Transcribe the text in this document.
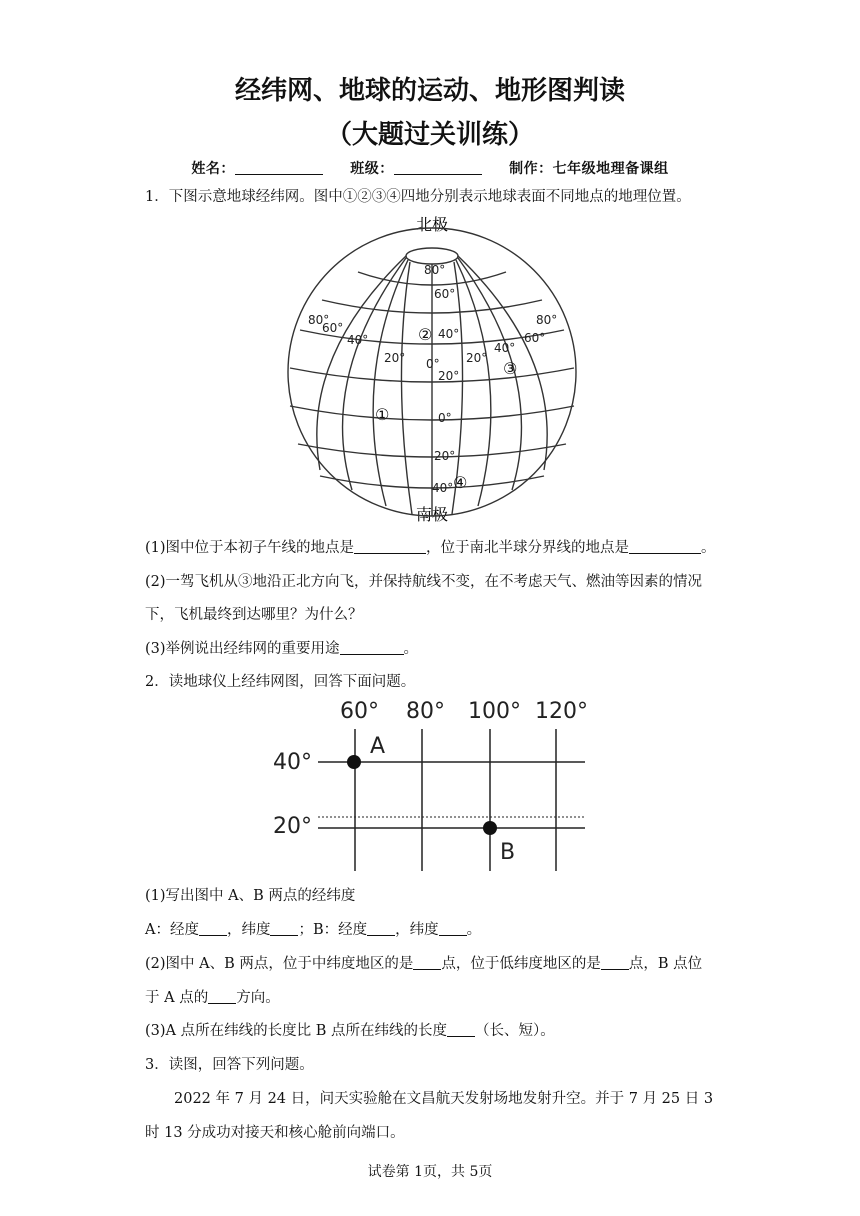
经纬网、地球的运动、地形图判读
（大题过关训练）
姓名：	班级：	制作：七年级地理备课组
1．下图示意地球经纬网。图中①②③④四地分别表示地球表面不同地点的地理位置。
北极
南极
80°
60°
40°
20°
0°
20°
40°
0°
80°
60°
40°
20°
80°
60°
40°
20°
①
②
③
④
(1)图中位于本初子午线的地点是	，位于南北半球分界线的地点是	。
(2)一驾飞机从③地沿正北方向飞，并保持航线不变，在不考虑天气、燃油等因素的情况
下，飞机最终到达哪里？为什么？
(3)举例说出经纬网的重要用途	。
2．读地球仪上经纬网图，回答下面问题。
60° 80° 100° 120°
40°
20°
A
B
(1)写出图中 A、B 两点的经纬度
A：经度 ，纬度 ；B：经度 ，纬度 。
(2)图中 A、B 两点，位于中纬度地区的是 点，位于低纬度地区的是 点，B 点位
于 A 点的 方向。
(3)A 点所在纬线的长度比 B 点所在纬线的长度 （长、短）。
3．读图，回答下列问题。
2022 年 7 月 24 日，问天实验舱在文昌航天发射场地发射升空。并于 7 月 25 日 3
时 13 分成功对接天和核心舱前向端口。
试卷第 1页，共 5页
